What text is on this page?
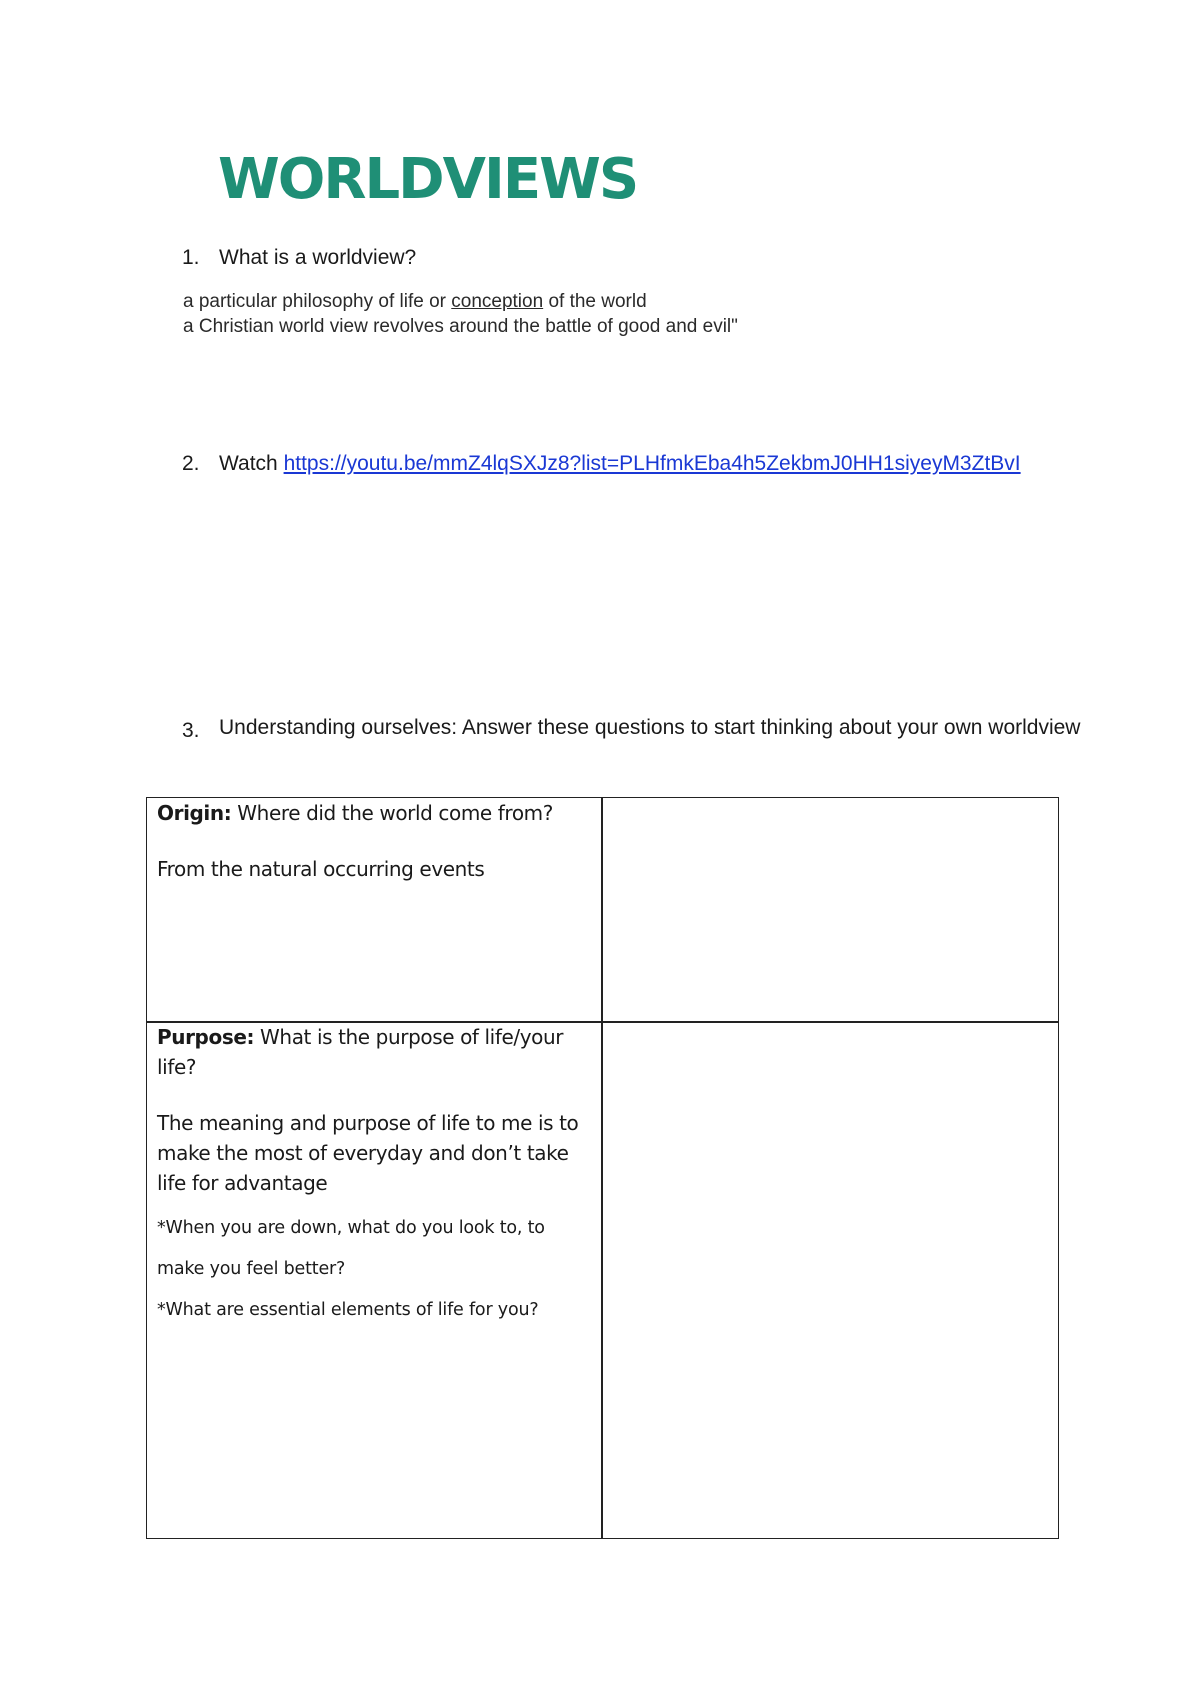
WORLDVIEWS
1. What is a worldview?
a particular philosophy of life or conception of the world
a Christian world view revolves around the battle of good and evil"
2. Watch https://youtu.be/mmZ4lqSXJz8?list=PLHfmkEba4h5ZekbmJ0HH1siyeyM3ZtBvI
3. Understanding ourselves: Answer these questions to start thinking about your own worldview

Origin: Where did the world come from?

From the natural occurring events

Purpose: What is the purpose of life/your life?

The meaning and purpose of life to me is to make the most of everyday and don’t take life for advantage

*When you are down, what do you look to, to make you feel better?

*What are essential elements of life for you?
